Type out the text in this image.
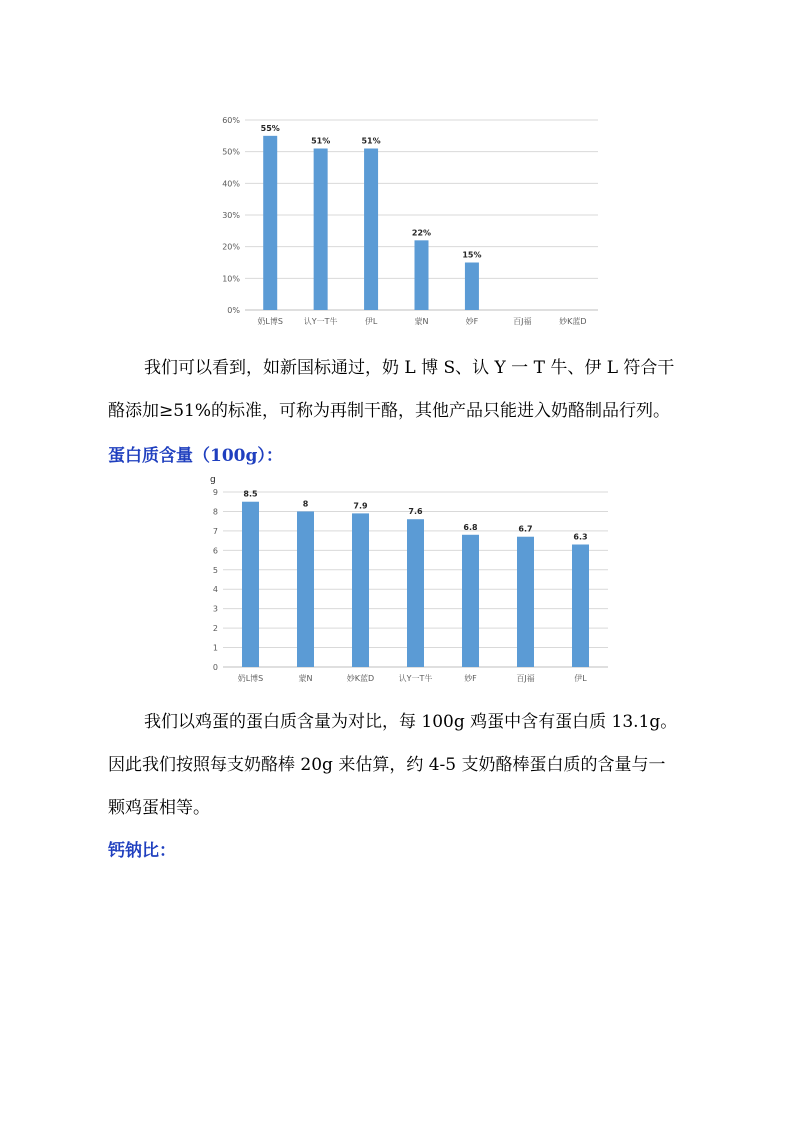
0%
10%
20%
30%
40%
50%
60%
55%
奶L博S
51%
认Y一T牛
51%
伊L
22%
蒙N
15%
妙F	百J福	妙K蓝D

我们可以看到，如新国标通过，奶 L 博 S、认 Y 一 T 牛、伊 L 符合干
酪添加≥51%的标准，可称为再制干酪，其他产品只能进入奶酪制品行列。

蛋白质含量（100g）：

0
1
2
3
4
5
6
7
8
9
g
8.5
奶L博S
8
蒙N
7.9
妙K蓝D
7.6
认Y一T牛
6.8
妙F
6.7
百J福
6.3
伊L

我们以鸡蛋的蛋白质含量为对比，每 100g 鸡蛋中含有蛋白质 13.1g。
因此我们按照每支奶酪棒 20g 来估算，约 4-5 支奶酪棒蛋白质的含量与一
颗鸡蛋相等。

钙钠比：
